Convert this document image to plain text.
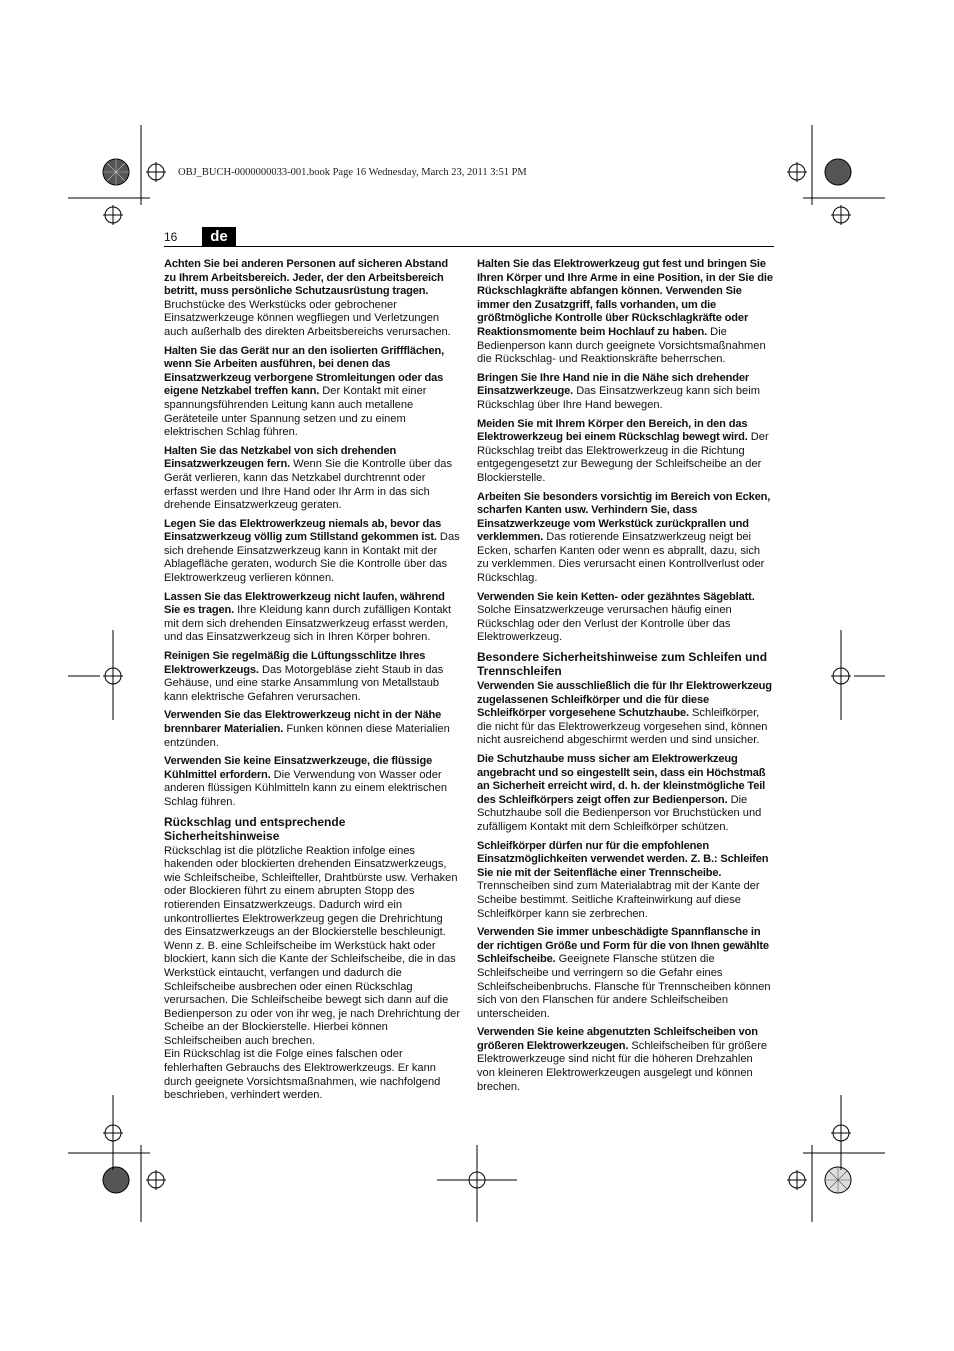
OBJ_BUCH-0000000033-001.book Page 16 Wednesday, March 23, 2011 3:51 PM
16	de

Achten Sie bei anderen Personen auf sicheren Abstand zu Ihrem Arbeitsbereich. Jeder, der den Arbeitsbereich betritt, muss persönliche Schutzausrüstung tragen. Bruchstücke des Werkstücks oder gebrochener Einsatzwerkzeuge können wegfliegen und Verletzungen auch außerhalb des direkten Arbeitsbereichs verursachen.

Halten Sie das Gerät nur an den isolierten Griffflächen, wenn Sie Arbeiten ausführen, bei denen das Einsatzwerkzeug verborgene Stromleitungen oder das eigene Netzkabel treffen kann. Der Kontakt mit einer spannungsführenden Leitung kann auch metallene Geräteteile unter Spannung setzen und zu einem elektrischen Schlag führen.

Halten Sie das Netzkabel von sich drehenden Einsatzwerkzeugen fern. Wenn Sie die Kontrolle über das Gerät verlieren, kann das Netzkabel durchtrennt oder erfasst werden und Ihre Hand oder Ihr Arm in das sich drehende Einsatzwerkzeug geraten.

Legen Sie das Elektrowerkzeug niemals ab, bevor das Einsatzwerkzeug völlig zum Stillstand gekommen ist. Das sich drehende Einsatzwerkzeug kann in Kontakt mit der Ablagefläche geraten, wodurch Sie die Kontrolle über das Elektrowerkzeug verlieren können.

Lassen Sie das Elektrowerkzeug nicht laufen, während Sie es tragen. Ihre Kleidung kann durch zufälligen Kontakt mit dem sich drehenden Einsatzwerkzeug erfasst werden, und das Einsatzwerkzeug sich in Ihren Körper bohren.

Reinigen Sie regelmäßig die Lüftungsschlitze Ihres Elektrowerkzeugs. Das Motorgebläse zieht Staub in das Gehäuse, und eine starke Ansammlung von Metallstaub kann elektrische Gefahren verursachen.

Verwenden Sie das Elektrowerkzeug nicht in der Nähe brennbarer Materialien. Funken können diese Materialien entzünden.

Verwenden Sie keine Einsatzwerkzeuge, die flüssige Kühlmittel erfordern. Die Verwendung von Wasser oder anderen flüssigen Kühlmitteln kann zu einem elektrischen Schlag führen.

Rückschlag und entsprechende Sicherheitshinweise

Rückschlag ist die plötzliche Reaktion infolge eines hakenden oder blockierten drehenden Einsatzwerkzeugs, wie Schleifscheibe, Schleifteller, Drahtbürste usw. Verhaken oder Blockieren führt zu einem abrupten Stopp des rotierenden Einsatzwerkzeugs. Dadurch wird ein unkontrolliertes Elektrowerkzeug gegen die Drehrichtung des Einsatzwerkzeugs an der Blockierstelle beschleunigt.

Wenn z. B. eine Schleifscheibe im Werkstück hakt oder blockiert, kann sich die Kante der Schleifscheibe, die in das Werkstück eintaucht, verfangen und dadurch die Schleifscheibe ausbrechen oder einen Rückschlag verursachen. Die Schleifscheibe bewegt sich dann auf die Bedienperson zu oder von ihr weg, je nach Drehrichtung der Scheibe an der Blockierstelle. Hierbei können Schleifscheiben auch brechen.

Ein Rückschlag ist die Folge eines falschen oder fehlerhaften Gebrauchs des Elektrowerkzeugs. Er kann durch geeignete Vorsichtsmaßnahmen, wie nachfolgend beschrieben, verhindert werden.

Halten Sie das Elektrowerkzeug gut fest und bringen Sie Ihren Körper und Ihre Arme in eine Position, in der Sie die Rückschlagkräfte abfangen können. Verwenden Sie immer den Zusatzgriff, falls vorhanden, um die größtmögliche Kontrolle über Rückschlagkräfte oder Reaktionsmomente beim Hochlauf zu haben. Die Bedienperson kann durch geeignete Vorsichtsmaßnahmen die Rückschlag- und Reaktionskräfte beherrschen.

Bringen Sie Ihre Hand nie in die Nähe sich drehender Einsatzwerkzeuge. Das Einsatzwerkzeug kann sich beim Rückschlag über Ihre Hand bewegen.

Meiden Sie mit Ihrem Körper den Bereich, in den das Elektrowerkzeug bei einem Rückschlag bewegt wird. Der Rückschlag treibt das Elektrowerkzeug in die Richtung entgegengesetzt zur Bewegung der Schleifscheibe an der Blockierstelle.

Arbeiten Sie besonders vorsichtig im Bereich von Ecken, scharfen Kanten usw. Verhindern Sie, dass Einsatzwerkzeuge vom Werkstück zurückprallen und verklemmen. Das rotierende Einsatzwerkzeug neigt bei Ecken, scharfen Kanten oder wenn es abprallt, dazu, sich zu verklemmen. Dies verursacht einen Kontrollverlust oder Rückschlag.

Verwenden Sie kein Ketten- oder gezähntes Sägeblatt. Solche Einsatzwerkzeuge verursachen häufig einen Rückschlag oder den Verlust der Kontrolle über das Elektrowerkzeug.

Besondere Sicherheitshinweise zum Schleifen und Trennschleifen

Verwenden Sie ausschließlich die für Ihr Elektrowerkzeug zugelassenen Schleifkörper und die für diese Schleifkörper vorgesehene Schutzhaube. Schleifkörper, die nicht für das Elektrowerkzeug vorgesehen sind, können nicht ausreichend abgeschirmt werden und sind unsicher.

Die Schutzhaube muss sicher am Elektrowerkzeug angebracht und so eingestellt sein, dass ein Höchstmaß an Sicherheit erreicht wird, d. h. der kleinstmögliche Teil des Schleifkörpers zeigt offen zur Bedienperson. Die Schutzhaube soll die Bedienperson vor Bruchstücken und zufälligem Kontakt mit dem Schleifkörper schützen.

Schleifkörper dürfen nur für die empfohlenen Einsatzmöglichkeiten verwendet werden. Z. B.: Schleifen Sie nie mit der Seitenfläche einer Trennscheibe. Trennscheiben sind zum Materialabtrag mit der Kante der Scheibe bestimmt. Seitliche Krafteinwirkung auf diese Schleifkörper kann sie zerbrechen.

Verwenden Sie immer unbeschädigte Spannflansche in der richtigen Größe und Form für die von Ihnen gewählte Schleifscheibe. Geeignete Flansche stützen die Schleifscheibe und verringern so die Gefahr eines Schleifscheibenbruchs. Flansche für Trennscheiben können sich von den Flanschen für andere Schleifscheiben unterscheiden.

Verwenden Sie keine abgenutzten Schleifscheiben von größeren Elektrowerkzeugen. Schleifscheiben für größere Elektrowerkzeuge sind nicht für die höheren Drehzahlen von kleineren Elektrowerkzeugen ausgelegt und können brechen.
